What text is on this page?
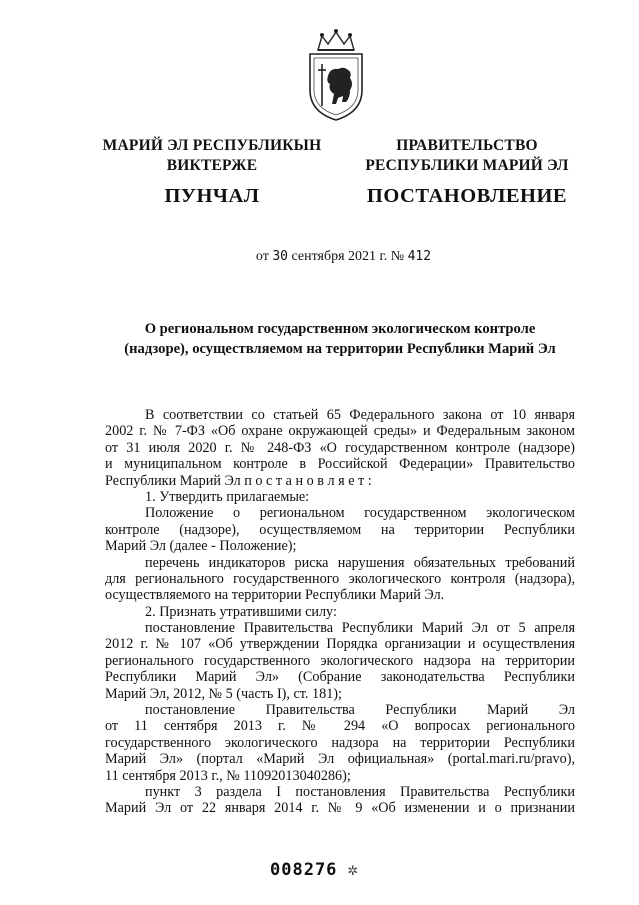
МАРИЙ ЭЛ РЕСПУБЛИКЫН
ВИКТЕРЖЕ
ПУНЧАЛ
ПРАВИТЕЛЬСТВО
РЕСПУБЛИКИ МАРИЙ ЭЛ
ПОСТАНОВЛЕНИЕ
от 30 сентября 2021 г. № 412
О региональном государственном экологическом контроле
(надзоре), осуществляемом на территории Республики Марий Эл
В соответствии со статьей 65 Федерального закона от 10 января
2002 г. № 7-ФЗ «Об охране окружающей среды» и Федеральным законом
от 31 июля 2020 г. № 248-ФЗ «О государственном контроле (надзоре)
и муниципальном контроле в Российской Федерации» Правительство
Республики Марий Эл п о с т а н о в л я е т :
1. Утвердить прилагаемые:
Положение о региональном государственном экологическом
контроле (надзоре), осуществляемом на территории Республики
Марий Эл (далее - Положение);
перечень индикаторов риска нарушения обязательных требований
для регионального государственного экологического контроля (надзора),
осуществляемого на территории Республики Марий Эл.
2. Признать утратившими силу:
постановление Правительства Республики Марий Эл от 5 апреля
2012 г. № 107 «Об утверждении Порядка организации и осуществления
регионального государственного экологического надзора на территории
Республики Марий Эл» (Собрание законодательства Республики
Марий Эл, 2012, № 5 (часть I), ст. 181);
постановление Правительства Республики Марий Эл
от 11 сентября 2013 г. № 294 «О вопросах регионального
государственного экологического надзора на территории Республики
Марий Эл» (портал «Марий Эл официальная» (portal.mari.ru/pravo),
11 сентября 2013 г., № 11092013040286);
пункт 3 раздела I постановления Правительства Республики
Марий Эл от 22 января 2014 г. № 9 «Об изменении и о признании
008276 ✲
